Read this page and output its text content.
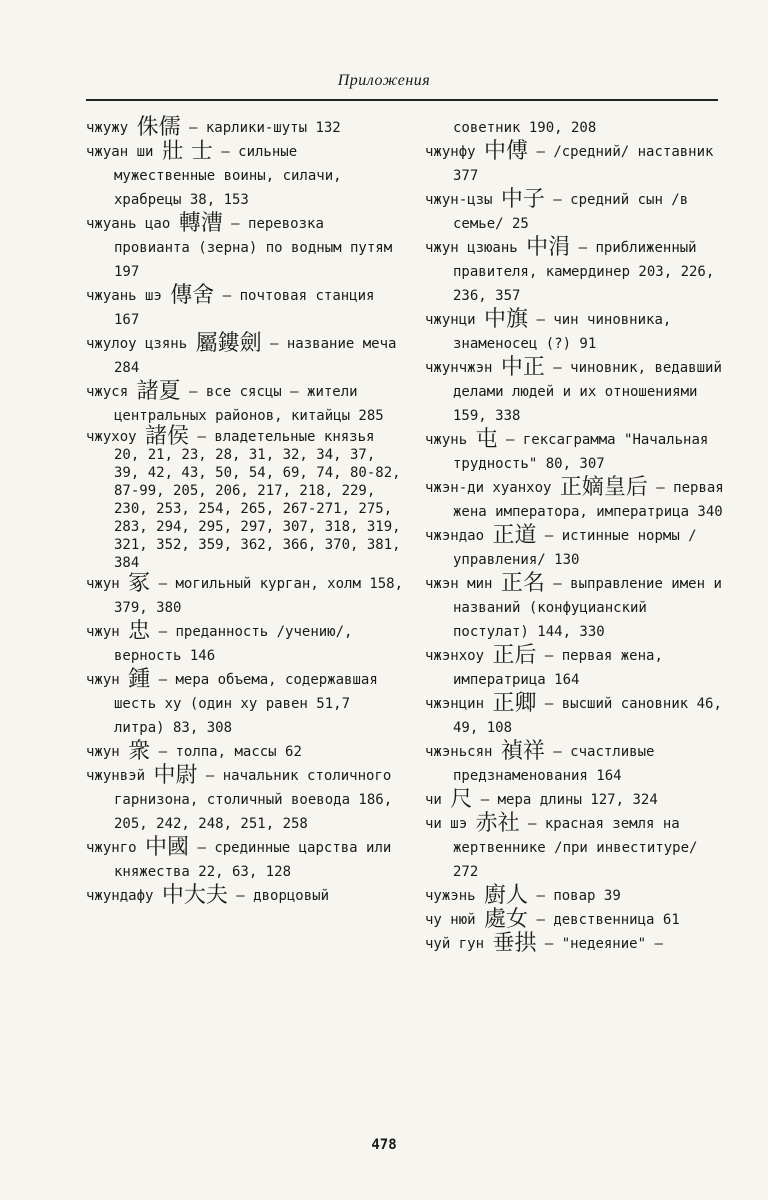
Приложения

чжужу 侏儒 — карлики-шуты 132

чжуан ши 壯 士 — сильные мужественные воины, силачи, храбрецы 38, 153

чжуань цао 轉漕 — перевозка провианта (зерна) по водным путям 197

чжуань шэ 傳舍 — почтовая станция 167

чжулоу цзянь 屬鏤劍 — название меча 284

чжуся 諸夏 — все сясцы — жители центральных районов, китайцы 285

чжухоу 諸侯 — владетельные князья 20, 21, 23, 28, 31, 32, 34, 37, 39, 42, 43, 50, 54, 69, 74, 80-82, 87-99, 205, 206, 217, 218, 229, 230, 253, 254, 265, 267-271, 275, 283, 294, 295, 297, 307, 318, 319, 321, 352, 359, 362, 366, 370, 381, 384

чжун 冢 — могильный курган, холм 158, 379, 380

чжун 忠 — преданность /учению/, верность 146

чжун 鍾 — мера объема, содержавшая шесть ху (один ху равен 51,7 литра) 83, 308

чжун 衆 — толпа, массы 62

чжунвэй 中尉 — начальник столичного гарнизона, столичный воевода 186, 205, 242, 248, 251, 258

чжунго 中國 — срединные царства или княжества 22, 63, 128

чжундафу 中大夫 — дворцовый

советник 190, 208

чжунфу 中傅 — /средний/ наставник 377

чжун-цзы 中子 — средний сын /в семье/ 25

чжун цзюань 中涓 — приближенный правителя, камердинер 203, 226, 236, 357

чжунци 中旗 — чин чиновника, знаменосец (?) 91

чжунчжэн 中正 — чиновник, ведавший делами людей и их отношениями 159, 338

чжунь 屯 — гексаграмма "Начальная трудность" 80, 307

чжэн-ди хуанхоу 正嫡皇后 — первая жена императора, императрица 340

чжэндао 正道 — истинные нормы /управления/ 130

чжэн мин 正名 — выправление имен и названий (конфуцианский постулат) 144, 330

чжэнхоу 正后 — первая жена, императрица 164

чжэнцин 正卿 — высший сановник 46, 49, 108

чжэньсян 禎祥 — счастливые предзнаменования 164

чи 尺 — мера длины 127, 324

чи шэ 赤社 — красная земля на жертвеннике /при инвеституре/ 272

чужэнь 廚人 — повар 39

чу нюй 處女 — девственница 61

чуй гун 垂拱 — "недеяние" —

478
